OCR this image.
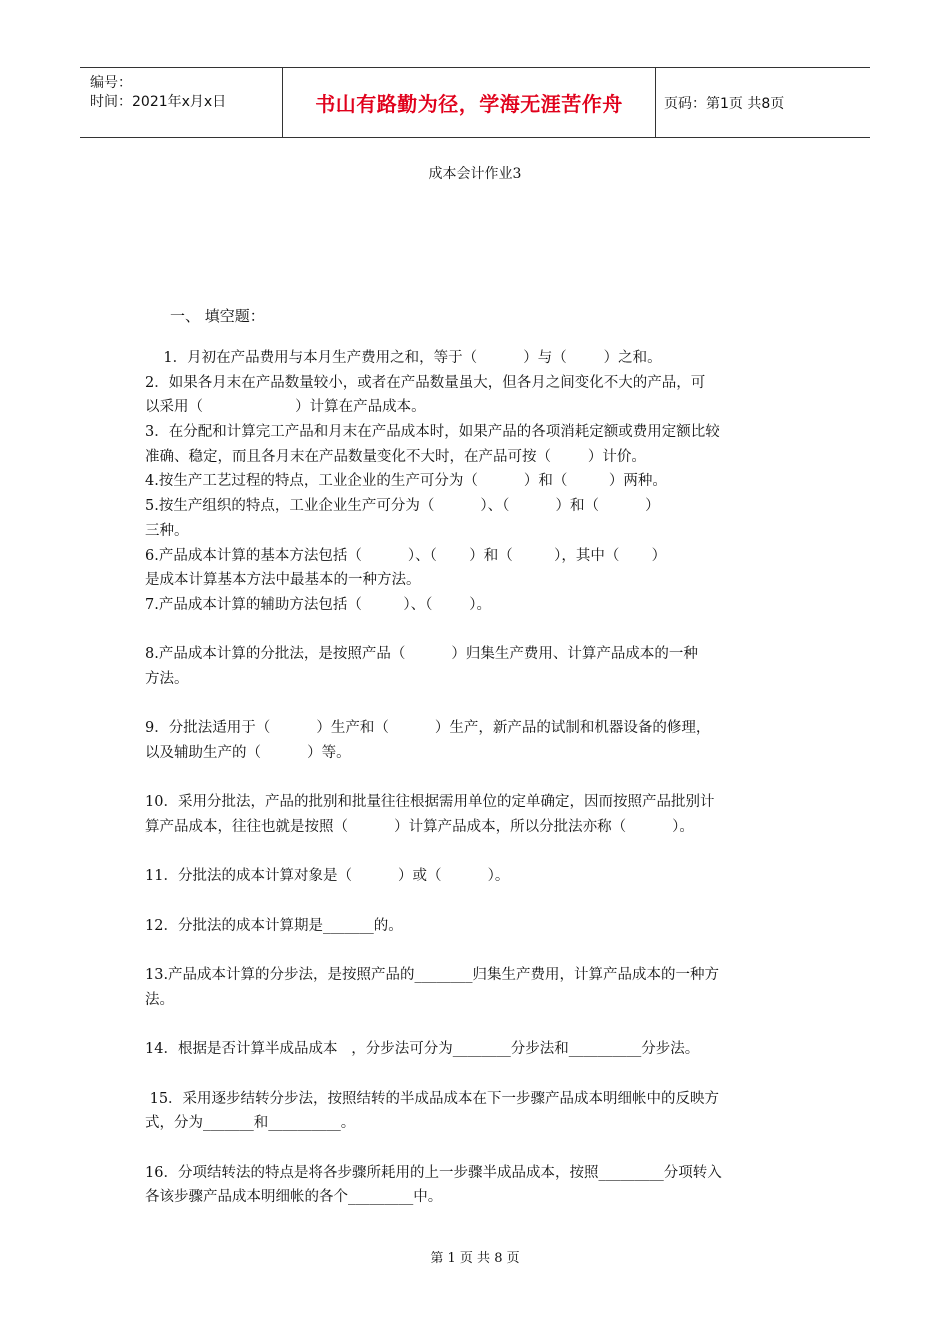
编号：
时间：2021年x月x日	书山有路勤为径，学海无涯苦作舟	页码：第1页 共8页
成本会计作业3
一、 填空题：
1．月初在产品费用与本月生产费用之和，等于（          ）与（        ）之和。
2．如果各月末在产品数量较小，或者在产品数量虽大，但各月之间变化不大的产品，可
以采用（                    ）计算在产品成本。
3．在分配和计算完工产品和月末在产品成本时，如果产品的各项消耗定额或费用定额比较
准确、稳定，而且各月末在产品数量变化不大时，在产品可按（        ）计价。
4.按生产工艺过程的特点，工业企业的生产可分为（          ）和（         ）两种。
5.按生产组织的特点，工业企业生产可分为（          ）、（          ）和（          ）
三种。
6.产品成本计算的基本方法包括（          ）、（       ）和（         ），其中（       ）
是成本计算基本方法中最基本的一种方法。
7.产品成本计算的辅助方法包括（         ）、（        ）。
8.产品成本计算的分批法，是按照产品（          ）归集生产费用、计算产品成本的一种
方法。
9．分批法适用于（          ）生产和（          ）生产，新产品的试制和机器设备的修理，
以及辅助生产的（          ）等。
10．采用分批法，产品的批别和批量往往根据需用单位的定单确定，因而按照产品批别计
算产品成本，往往也就是按照（          ）计算产品成本，所以分批法亦称（          ）。
11．分批法的成本计算对象是（          ）或（          ）。
12．分批法的成本计算期是_______的。
13.产品成本计算的分步法，是按照产品的________归集生产费用，计算产品成本的一种方
法。
14．根据是否计算半成品成本   ，分步法可分为________分步法和__________分步法。
15．采用逐步结转分步法，按照结转的半成品成本在下一步骤产品成本明细帐中的反映方
式，分为_______和__________。
16．分项结转法的特点是将各步骤所耗用的上一步骤半成品成本，按照_________分项转入
各该步骤产品成本明细帐的各个_________中。
第 1 页 共 8 页
